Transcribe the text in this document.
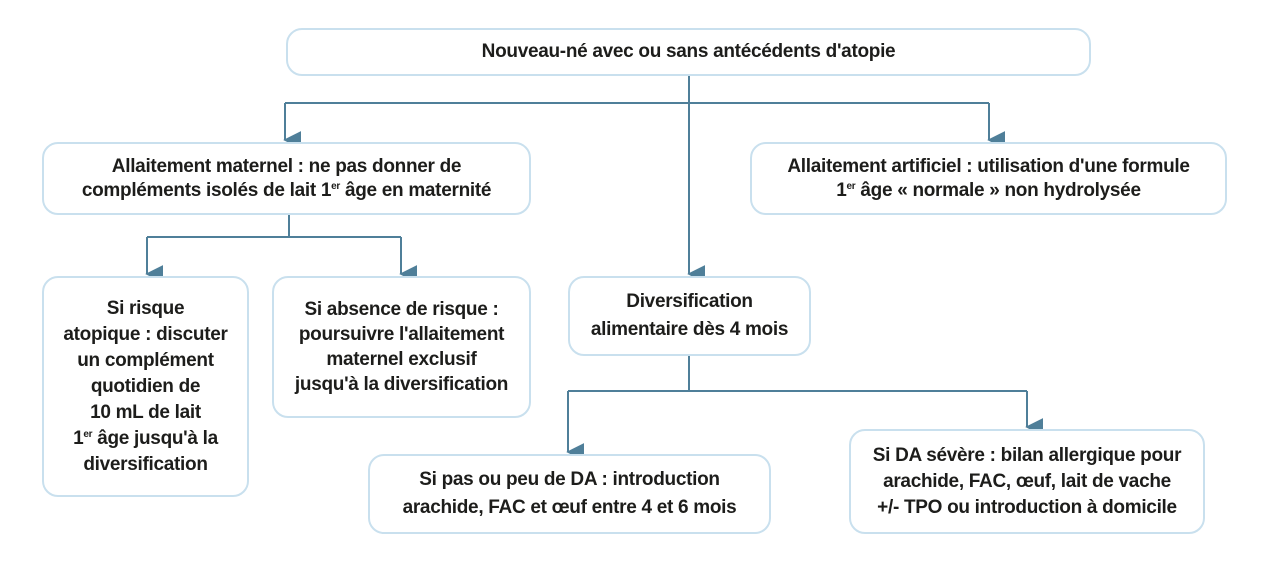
Nouveau-né avec ou sans antécédents d'atopie
Allaitement maternel : ne pas donner de
compléments isolés de lait 1er âge en maternité
Allaitement artificiel : utilisation d'une formule
1er âge « normale » non hydrolysée
Si risque
atopique : discuter
un complément
quotidien de
10 mL de lait
1er âge jusqu'à la
diversification
Si absence de risque :
poursuivre l'allaitement
maternel exclusif
jusqu'à la diversification
Diversification
alimentaire dès 4 mois
Si pas ou peu de DA : introduction
arachide, FAC et œuf entre 4 et 6 mois
Si DA sévère : bilan allergique pour
arachide, FAC, œuf, lait de vache
+/- TPO ou introduction à domicile
